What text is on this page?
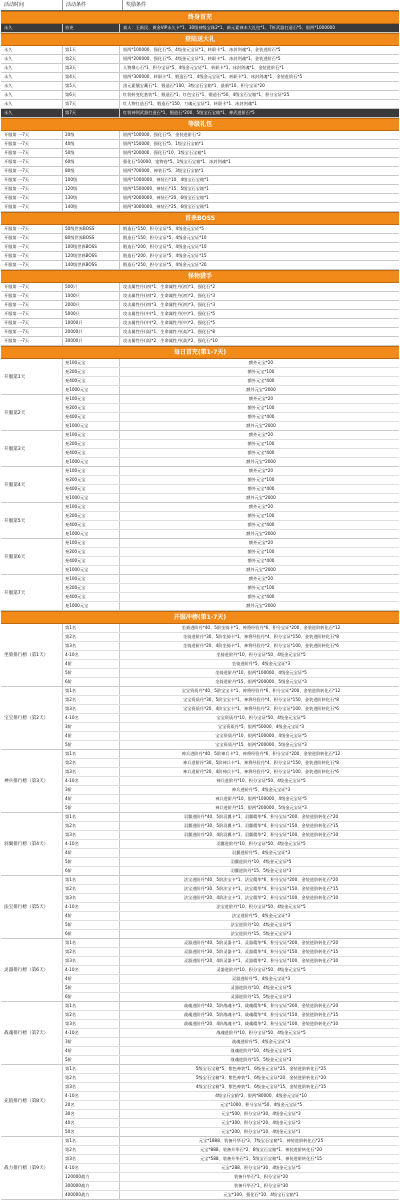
活动时间	活动条件	奖励条件
终身首充
永久	首充	真人：王新民、黄金VIP永久卡*1、30级神级宝珠2*1、新元素神木大礼包*1、7折武器打造石*5、银两*1000000
登陆送大礼
永久	第1天	银两*100000、强化石*5、4级金元宝证*1、转职卡*1、冰封剑魂*1、金装进阶石*5
永久	第2天	银两*200000、强化石*5、4级金元宝证*1、转职卡*1、冰封剑魂*1、金装进阶石*5
永久	第3天	人物聚心石*1、积分宝证*5、4级金元宝证*1、转职卡*1、冰封剑魂*1、金装进阶石*1
永久	第4天	银两*300000、转职卡*1、锻造石*1、4级金元宝证*1、转职卡*1、冰封剑魂*1、金装进阶石*5
永久	第5天	黑元素镶宝藏石*1、锻造石*100、3级宝石宝箱*1、最新*10、积分宝证*20
永久	第6天	红装转变化套装*1、锻造石*1、红色宝石*1、锻造石*50、4级宝石宝箱*1、积分宝证*25
永久	第7天	红人物打造石*1、锻造石*150、刀魂元宝证*1、转职卡*1、冰封剑魂*1
永久	第7天	红装神剑武器打造石*1、锻造石*200、5级宝石宝箱*1、神武进阶石*5
等级礼包
开服第一-7天	20级	银两*100000、强化石*5、金装进阶石*2
开服第一-7天	40级	银两*150000、强化石*5、1级宝石宝箱*1
开服第一-7天	50级	银两*200000、强化石*10、1级宝石宝箱*1
开服第一-7天	60级	强化石*10000、宠物卷*5、1级宝石宝箱*1、冰封剑魂*1
开服第一-7天	80级	银两*700000、神装石*5、3级宝石宝箱*1
开服第一-7天	100级	银两*1000000、神装石*10、4级宝石宝箱*1
开服第一-7天	120级	银两*1500000、神装石*15、5级宝石宝箱*1
开服第一-7天	130级	银两*2000000、神装石*20、6级宝石宝箱*1
开服第一-7天	140级	银两*3000000、神装石*25、6级宝石宝箱*1
首杀BOSS
开服第一-7天	50级世界BOSS	锻造石*150、积分宝证*5、4级金元宝证*5
开服第一-7天	80级世界BOSS	锻造石*150、积分宝证*5、4级金元宝证*10
开服第一-7天	100级世界BOSS	锻造石*200、积分宝证*5、4级金元宝证*10
开服第一-7天	120级世界BOSS	锻造石*200、积分宝证*5、4级金元宝证*15
开服第一-7天	140级世界BOSS	锻造石*250、积分宝证*5、4级金元宝证*20
怪物猎手
开服第一-7天	500只	攻击属性丹(初)*1、生命属性丹(初)*1、强化石*2
开服第一-7天	1000只	攻击属性丹(初)*2、生命属性丹(初)*2、强化石*3
开服第一-7天	2000只	攻击属性丹(初)*3、生命属性丹(初)*3、强化石*3
开服第一-7天	5000只	攻击属性丹(中)*1、生命属性丹(中)*1、强化石*5
开服第一-7天	10000只	攻击属性丹(中)*2、生命属性丹(中)*2、强化石*5
开服第一-7天	20000只	攻击属性丹(高)*1、生命属性丹(高)*1、强化石*8
开服第一-7天	30000只	攻击属性丹(高)*2、生命属性丹(高)*2、强化石*10
每日首充(第1-7天)
开服第1天
充100元宝	额外元宝*20
充200元宝	额外元宝*100
充400元宝	额外元宝*400
充1000元宝	额外元宝*2000
开服第2天
充100元宝	额外元宝*20
充200元宝	额外元宝*100
充400元宝	额外元宝*400
充1000元宝	额外元宝*2000
开服第3天
充100元宝	额外元宝*20
充200元宝	额外元宝*100
充400元宝	额外元宝*400
充1000元宝	额外元宝*2000
开服第4天
充100元宝	额外元宝*20
充200元宝	额外元宝*100
充400元宝	额外元宝*400
充1000元宝	额外元宝*2000
开服第5天
充100元宝	额外元宝*20
充200元宝	额外元宝*100
充400元宝	额外元宝*400
充1000元宝	额外元宝*2000
开服第6天
充100元宝	额外元宝*20
充200元宝	额外元宝*100
充400元宝	额外元宝*400
充1000元宝	额外元宝*2000
开服第7天
充100元宝	额外元宝*20
充200元宝	额外元宝*100
充400元宝	额外元宝*400
充1000元宝	额外元宝*2000
开服冲榜(第1-7天)
坐骑排行榜（第1天）
第1名	坐骑进阶丹*40、5阶坐骑卡*1、神将经验丹*6、积分宝证*200、金装进阶转化石*12
第2名	坐骑进阶丹*30、5阶坐骑卡*1、神将经验丹*4、积分宝证*150、金装进阶转化石*8
第3名	坐骑进阶丹*20、4阶坐骑卡*1、神将经验丹*2、积分宝证*100、金装进阶转化石*6
4-10名	坐骑进阶丹*10、积分宝证*50、4级金元宝证*5
4阶	坐骑进阶丹*5、4级金元宝证*3
5阶	坐骑进阶丹*10、银两*100000、4级金元宝证*5
6阶	坐骑进阶丹*15、银两*200000、5级金元宝证*3
宝宝排行榜（第2天）
第1名	宝宝资质丹*40、5阶宝宝卡*1、神将经验丹*6、积分宝证*200、金装进阶转化石*12
第2名	宝宝资质丹*30、5阶宝宝卡*1、神将经验丹*4、积分宝证*150、金装进阶转化石*8
第3名	宝宝资质丹*20、4阶宝宝卡*1、神将经验丹*2、积分宝证*100、金装进阶转化石*6
4-10名	宝宝资质丹*10、积分宝证*50、4级金元宝证*5
3阶	宝宝资质丹*5、银两*50000、4级金元宝证*3
4阶	宝宝资质丹*10、银两*100000、4级金元宝证*5
5阶	宝宝资质丹*15、银两*200000、5级金元宝证*3
神兵排行榜（第3天）
第1名	神兵进阶丹*40、5阶神兵卡*1、神将经验丹*6、积分宝证*200、金装进阶转化石*12
第2名	神兵进阶丹*30、5阶神兵卡*1、神将经验丹*4、积分宝证*150、金装进阶转化石*8
第3名	神兵进阶丹*20、4阶神兵卡*1、神将经验丹*2、积分宝证*100、金装进阶转化石*6
4-10名	神兵进阶丹*10、积分宝证*50、4级金元宝证*5
3阶	神兵进阶丹*5、4级金元宝证*3
4阶	神兵进阶丹*10、银两*100000、4级金元宝证*5
5阶	神兵进阶丹*15、银两*200000、5级金元宝证*3
羽翼排行榜（第4天）
第1名	羽翼进阶丹*40、5阶羽翼卡*1、羽翼精华*6、积分宝证*200、金装进阶转化石*20
第2名	羽翼进阶丹*30、5阶羽翼卡*1、羽翼精华*4、积分宝证*150、金装进阶转化石*15
第3名	羽翼进阶丹*20、4阶羽翼卡*1、羽翼精华*2、积分宝证*100、金装进阶转化石*10
4-10名	羽翼进阶丹*10、积分宝证*50、4级金元宝证*5
4阶	羽翼进阶丹*5、4级金元宝证*3
5阶	羽翼进阶丹*10、4级金元宝证*5
6阶	羽翼进阶丹*15、5级金元宝证*3
法宝排行榜（第5天）
第1名	法宝进阶丹*40、5阶法宝卡*1、法宝精华*6、积分宝证*200、金装进阶转化石*20
第2名	法宝进阶丹*30、5阶法宝卡*1、法宝精华*4、积分宝证*150、金装进阶转化石*15
第3名	法宝进阶丹*20、4阶法宝卡*1、法宝精华*2、积分宝证*100、金装进阶转化石*10
4-10名	法宝进阶丹*10、积分宝证*50、4级金元宝证*5
4阶	法宝进阶丹*5、4级金元宝证*3
5阶	法宝进阶丹*10、4级金元宝证*5
6阶	法宝进阶丹*15、5级金元宝证*3
灵器排行榜（第6天）
第1名	灵器进阶丹*40、5阶灵器卡*1、灵器精华*6、积分宝证*200、金装进阶转化石*20
第2名	灵器进阶丹*30、5阶灵器卡*1、灵器精华*4、积分宝证*150、金装进阶转化石*15
第3名	灵器进阶丹*20、4阶灵器卡*1、灵器精华*2、积分宝证*100、金装进阶转化石*10
4-10名	灵器进阶丹*10、积分宝证*50、4级金元宝证*5
4阶	灵器进阶丹*5、4级金元宝证*3
5阶	灵器进阶丹*10、4级金元宝证*5
6阶	灵器进阶丹*15、5级金元宝证*3
战魂排行榜（第7天）
第1名	战魂进阶丹*40、5阶战魂卡*1、战魂精华*6、积分宝证*200、金装进阶转化石*20
第2名	战魂进阶丹*30、5阶战魂卡*1、战魂精华*4、积分宝证*150、金装进阶转化石*15
第3名	战魂进阶丹*20、4阶战魂卡*1、战魂精华*2、积分宝证*100、金装进阶转化石*10
4-10名	战魂进阶丹*10、积分宝证*50、4级金元宝证*5
3阶	战魂进阶丹*5、4级金元宝证*3
4阶	战魂进阶丹*10、4级金元宝证*5
5阶	战魂进阶丹*15、5级金元宝证*3
充值排行榜（第8天）
第1名	5级宝石宝箱*5、紫色神装*1、6级金元宝证*25、金装进阶转化石*25
第2名	5级宝石宝箱*3、紫色神装*1、6级金元宝证*20、金装进阶转化石*20
第3名	4级宝石宝箱*3、紫色神装*1、6级金元宝证*15、金装进阶转化石*15
4-10名	4级宝石宝箱*2、银两*80000、4级金元宝证*10
20名	元宝*1000、积分宝证*50、4级金元宝证*5
30名	元宝*500、积分宝证*30、4级金元宝证*3
40名	元宝*300、积分宝证*20、4级金元宝证*2
50名	元宝*200、积分宝证*10、4级金元宝证*1
战力排行榜（第9天）
第1名	元宝*1888、装备升华石*3、7级宝石宝箱*1、神装进阶转化石*25
第2名	元宝*888、装备升华石*2、6级宝石宝箱*1、神装进阶转化石*20
第3名	元宝*588、装备升华石*1、5级宝石宝箱*1、神装进阶转化石*15
4-10名	元宝*288、积分宝证*30、4级金元宝证*5
120000战力	装备升华石*1、积分宝证*20
300000战力	装备升华石*1、积分宝证*30
400000战力	元宝*100、强化石*10、4级宝石宝箱*1
